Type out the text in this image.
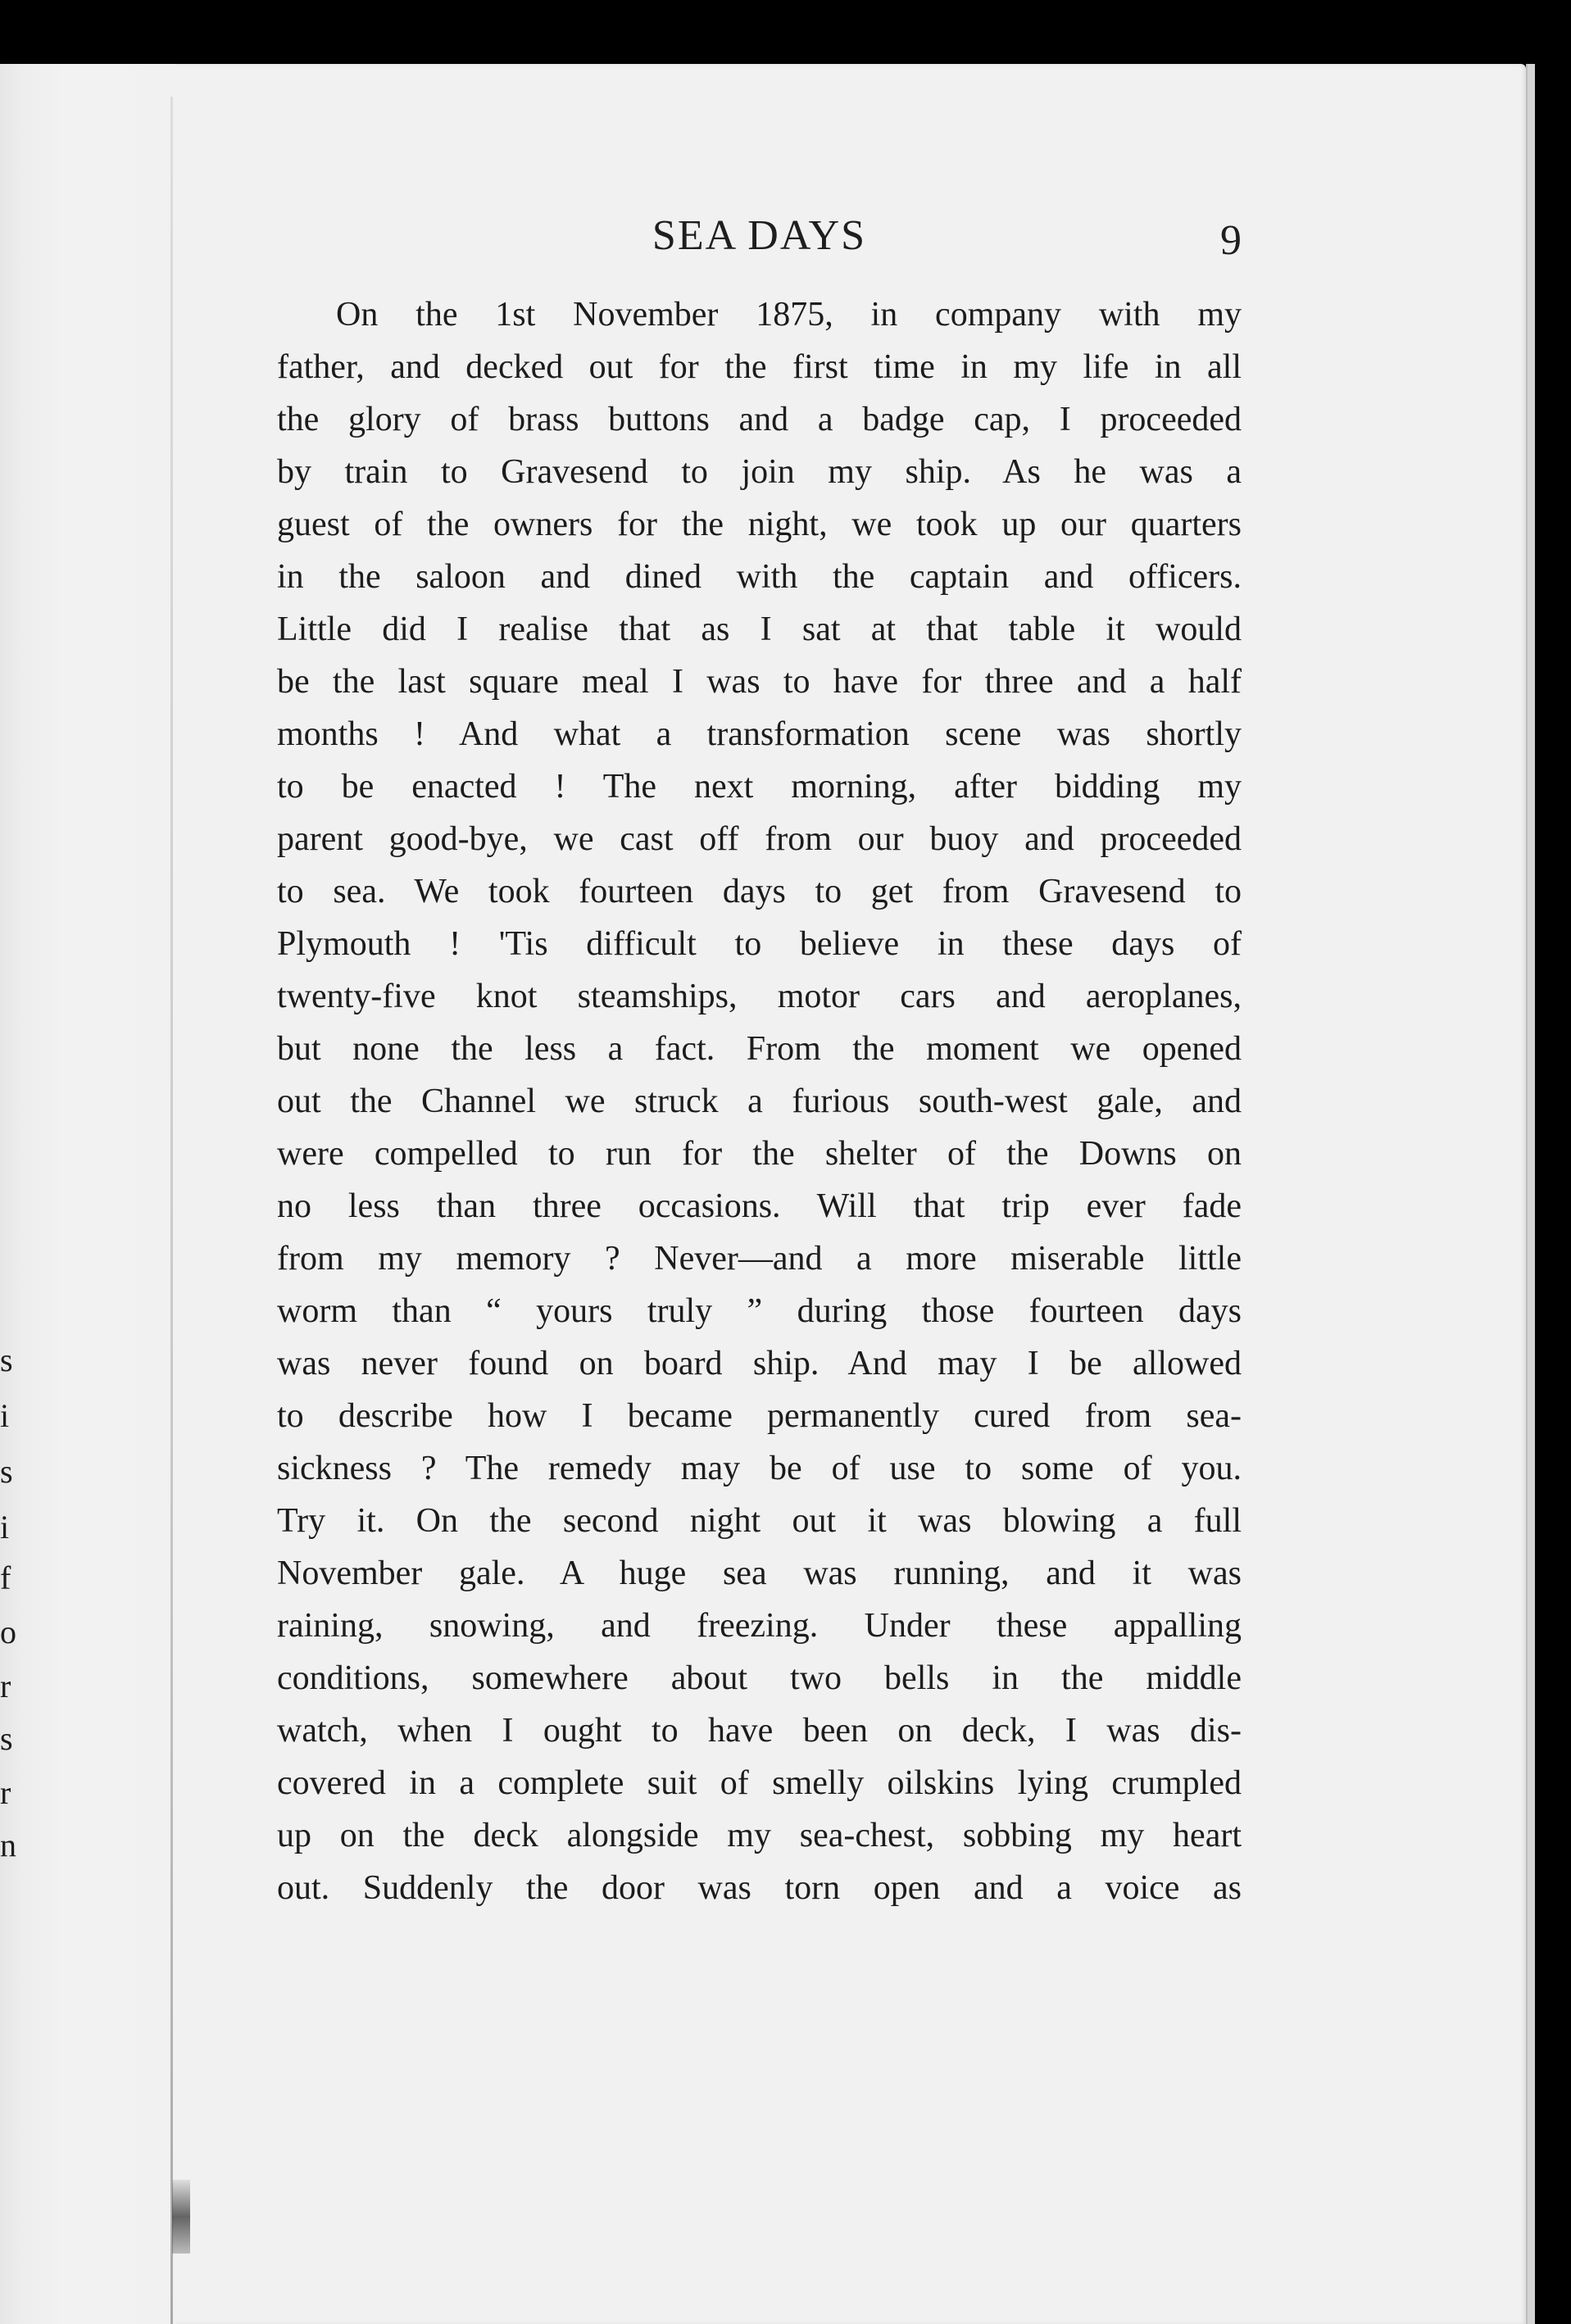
s
i
s
i
f
o
r
s
r
n
SEA DAYS	9
On the 1st November 1875, in company with my
father, and decked out for the first time in my life in all
the glory of brass buttons and a badge cap, I proceeded
by train to Gravesend to join my ship. As he was a
guest of the owners for the night, we took up our quarters
in the saloon and dined with the captain and officers.
Little did I realise that as I sat at that table it would
be the last square meal I was to have for three and a half
months ! And what a transformation scene was shortly
to be enacted ! The next morning, after bidding my
parent good-bye, we cast off from our buoy and proceeded
to sea. We took fourteen days to get from Gravesend to
Plymouth ! 'Tis difficult to believe in these days of
twenty-five knot steamships, motor cars and aeroplanes,
but none the less a fact. From the moment we opened
out the Channel we struck a furious south-west gale, and
were compelled to run for the shelter of the Downs on
no less than three occasions. Will that trip ever fade
from my memory ? Never—and a more miserable little
worm than “ yours truly ” during those fourteen days
was never found on board ship. And may I be allowed
to describe how I became permanently cured from sea-
sickness ? The remedy may be of use to some of you.
Try it. On the second night out it was blowing a full
November gale. A huge sea was running, and it was
raining, snowing, and freezing. Under these appalling
conditions, somewhere about two bells in the middle
watch, when I ought to have been on deck, I was dis-
covered in a complete suit of smelly oilskins lying crumpled
up on the deck alongside my sea-chest, sobbing my heart
out. Suddenly the door was torn open and a voice as
